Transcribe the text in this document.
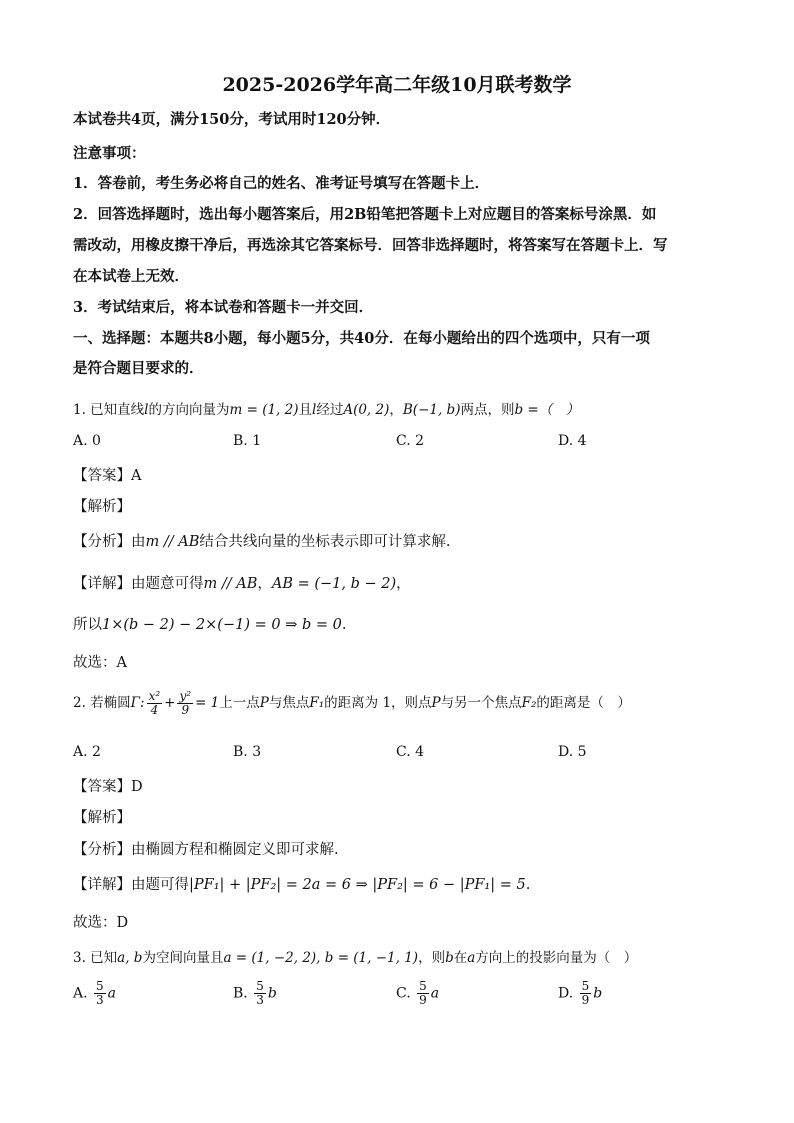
2025-2026学年高二年级10月联考数学
本试卷共4页，满分150分，考试用时120分钟．
注意事项：
1．答卷前，考生务必将自己的姓名、准考证号填写在答题卡上．
2．回答选择题时，选出每小题答案后，用2B铅笔把答题卡上对应题目的答案标号涂黑．如
需改动，用橡皮擦干净后，再选涂其它答案标号．回答非选择题时，将答案写在答题卡上．写
在本试卷上无效．
3．考试结束后，将本试卷和答题卡一并交回．
一、选择题：本题共8小题，每小题5分，共40分．在每小题给出的四个选项中，只有一项
是符合题目要求的．
1. 已知直线l的方向向量为m = (1, 2)且l经过A(0, 2)，B(−1, b)两点，则b =（　）
A. 0	B. 1	C. 2	D. 4
【答案】A
【解析】
【分析】由m // AB结合共线向量的坐标表示即可计算求解.
【详解】由题意可得m // AB，AB = (−1, b − 2)，
所以1×(b − 2) − 2×(−1) = 0 ⇒ b = 0.
故选：A
2. 若椭圆Γ: $\frac{\text{x²}}{4} + \frac{\text{y²}}{9} = 1$上一点P与焦点F₁的距离为 1，则点P与另一个焦点F₂的距离是（　）
A. 2	B. 3	C. 4	D. 5
【答案】D
【解析】
【分析】由椭圆方程和椭圆定义即可求解.
【详解】由题可得|PF₁| + |PF₂| = 2a = 6 ⇒ |PF₂| = 6 − |PF₁| = 5.
故选：D
3. 已知a, b为空间向量且a = (1, −2, 2), b = (1, −1, 1)，则b在a方向上的投影向量为（　）
A. $\frac{5}{3}$ a	B. $\frac{5}{3}$ b	C. $\frac{5}{9}$ a	D. $\frac{5}{9}$ b
